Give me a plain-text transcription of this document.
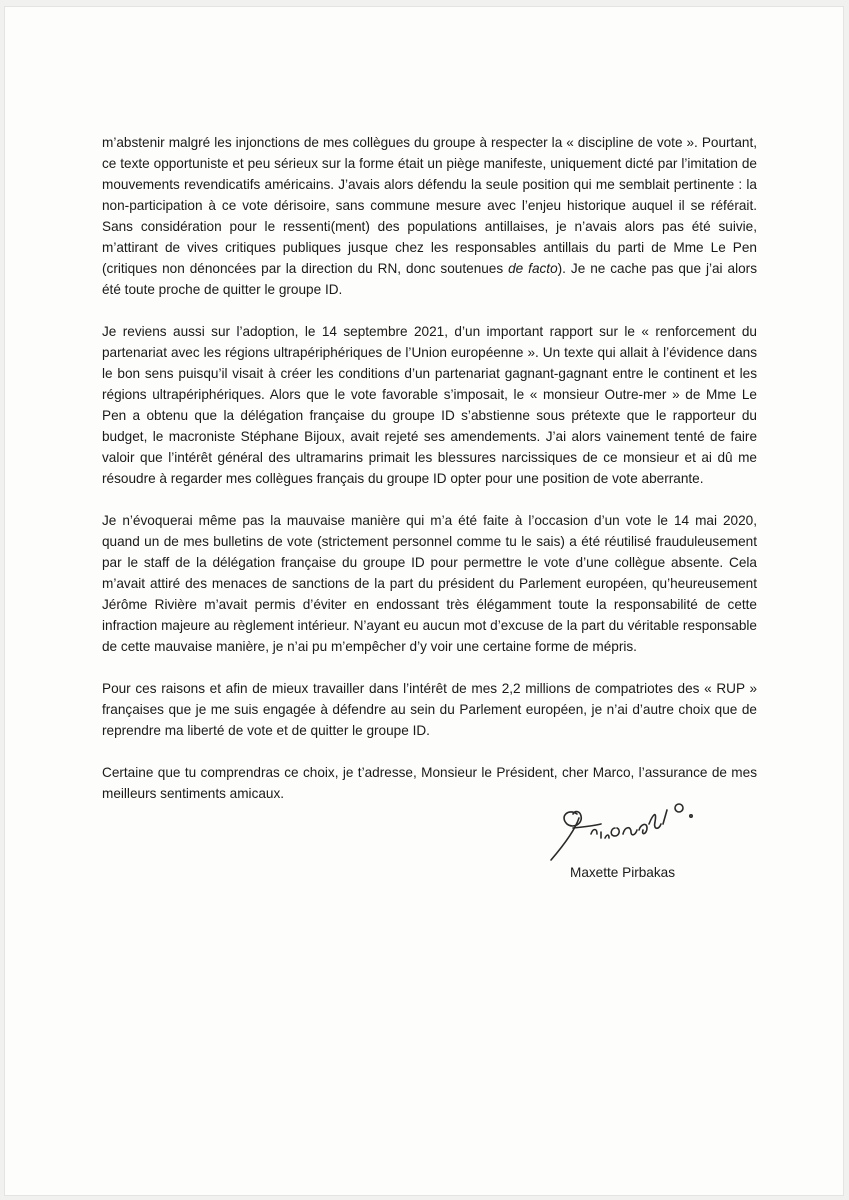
m’abstenir malgré les injonctions de mes collègues du groupe à respecter la « discipline de vote ». Pourtant, ce texte opportuniste et peu sérieux sur la forme était un piège manifeste, uniquement dicté par l’imitation de mouvements revendicatifs américains. J’avais alors défendu la seule position qui me semblait pertinente : la non-participation à ce vote dérisoire, sans commune mesure avec l’enjeu historique auquel il se référait. Sans considération pour le ressenti(ment) des populations antillaises, je n’avais alors pas été suivie, m’attirant de vives critiques publiques jusque chez les responsables antillais du parti de Mme Le Pen (critiques non dénoncées par la direction du RN, donc soutenues de facto). Je ne cache pas que j’ai alors été toute proche de quitter le groupe ID.

Je reviens aussi sur l’adoption, le 14 septembre 2021, d’un important rapport sur le « renforcement du partenariat avec les régions ultrapériphériques de l’Union européenne ». Un texte qui allait à l’évidence dans le bon sens puisqu’il visait à créer les conditions d’un partenariat gagnant-gagnant entre le continent et les régions ultrapériphériques. Alors que le vote favorable s’imposait, le « monsieur Outre-mer » de Mme Le Pen a obtenu que la délégation française du groupe ID s’abstienne sous prétexte que le rapporteur du budget, le macroniste Stéphane Bijoux, avait rejeté ses amendements. J’ai alors vainement tenté de faire valoir que l’intérêt général des ultramarins primait les blessures narcissiques de ce monsieur et ai dû me résoudre à regarder mes collègues français du groupe ID opter pour une position de vote aberrante.

Je n’évoquerai même pas la mauvaise manière qui m’a été faite à l’occasion d’un vote le 14 mai 2020, quand un de mes bulletins de vote (strictement personnel comme tu le sais) a été réutilisé frauduleusement par le staff de la délégation française du groupe ID pour permettre le vote d’une collègue absente. Cela m’avait attiré des menaces de sanctions de la part du président du Parlement européen, qu’heureusement Jérôme Rivière m’avait permis d’éviter en endossant très élégamment toute la responsabilité de cette infraction majeure au règlement intérieur. N’ayant eu aucun mot d’excuse de la part du véritable responsable de cette mauvaise manière, je n’ai pu m’empêcher d’y voir une certaine forme de mépris.

Pour ces raisons et afin de mieux travailler dans l’intérêt de mes 2,2 millions de compatriotes des « RUP » françaises que je me suis engagée à défendre au sein du Parlement européen, je n’ai d’autre choix que de reprendre ma liberté de vote et de quitter le groupe ID.

Certaine que tu comprendras ce choix, je t’adresse, Monsieur le Président, cher Marco, l’assurance de mes meilleurs sentiments amicaux.

Maxette Pirbakas
